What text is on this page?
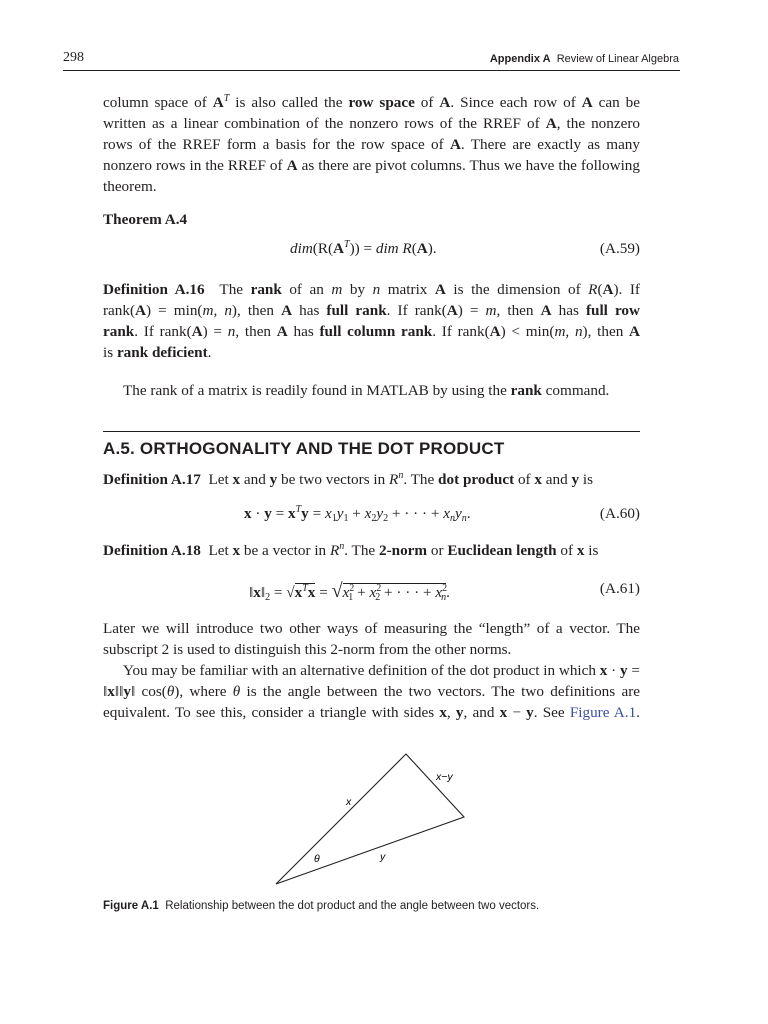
298	Appendix A Review of Linear Algebra
column space of $A^T$ is also called the row space of A. Since each row of A can be
written as a linear combination of the nonzero rows of the RREF of A, the nonzero
rows of the RREF form a basis for the row space of A. There are exactly as many
nonzero rows in the RREF of A as there are pivot columns. Thus we have the following
theorem.
Theorem A.4
$dim(R(A^T))$ = dim R(A).	(A.59)
Definition A.16 The rank of an m by n matrix A is the dimension of R(A). If
rank(A) = min(m, n), then A has full rank. If rank(A) = m, then A has full row
rank. If rank(A) = n, then A has full column rank. If rank(A) < min(m, n), then A
is rank deficient.
The rank of a matrix is readily found in MATLAB by using the rank command.
A.5. ORTHOGONALITY AND THE DOT PRODUCT
Definition A.17 Let x and y be two vectors in $R^n$. The dot product of x and y is
$x \cdot y = x^Ty = x_1y_1 + x_2y_2$ + · · · + $x_ny_n$.	(A.60)
Definition A.18 Let x be a vector in $R^n$. The 2-norm or Euclidean length of x is
$‖x‖_2 = √x^Tx = √x^2_1 + x^2_2$ + · · · + $x^2_n$.	(A.61)
Later we will introduce two other ways of measuring the “length” of a vector. The
subscript 2 is used to distinguish this 2-norm from the other norms.
You may be familiar with an alternative definition of the dot product in which x · y =
‖x‖‖y‖ cos(θ), where θ is the angle between the two vectors. The two definitions are
equivalent. To see this, consider a triangle with sides x, y, and x − y. See Figure A.1.
x
y
x−y
θ
Figure A.1 Relationship between the dot product and the angle between two vectors.
